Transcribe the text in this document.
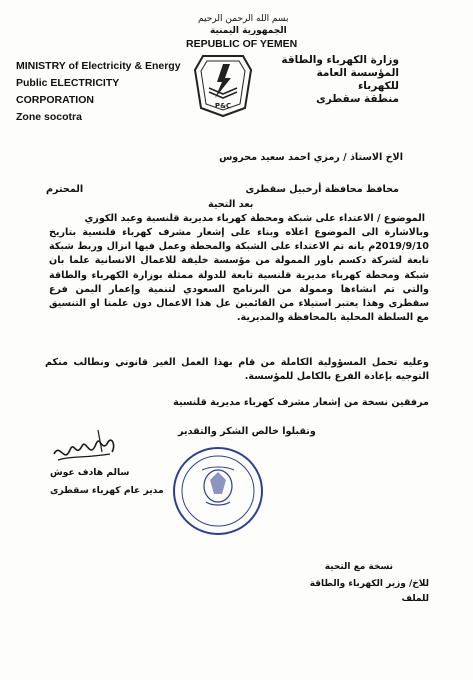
بسم الله الرحمن الرحيم
الجمهورية اليمنية
REPUBLIC OF YEMEN
MINISTRY of Electricity & Energy
Public ELECTRICITY CORPORATION
Zone socotra
وزارة الكهرباء والطاقة
المؤسسة العامة للكهرباء
منطقة سقطرى
P&C
الاخ الاستاذ / رمزي احمد سعيد محروس
محافظ محافظة أرخبيل سقطرى
المحترم
بعد التحية
الموضوع / الاعتداء على شبكة ومحطة كهرباء مديرية قلنسية وعبد الكوري
وبالاشارة الى الموضوع اعلاه وبناء على إشعار مشرف كهرباء قلنسية بتاريخ 2019/9/10م بانه تم الاعتداء على الشبكة والمحطة وعمل فيها انزال وربط شبكة تابعة لشركة دكسم باور الممولة من مؤسسة خليفة للاعمال الانسانية علما بان شبكة ومحطة كهرباء مديرية قلنسية تابعة للدولة ممثلة بوزارة الكهرباء والطاقة والتي تم انشاءها وممولة من البرنامج السعودي لتنمية وإعمار اليمن فرع سقطرى وهذا يعتبر استيلاء من القائمين عل هذا الاعمال دون علمنا او التنسيق مع السلطة المحلية بالمحافظة والمديرية.
وعليه تحمل المسؤولية الكاملة من قام بهذا العمل الغير قانوني ونطالب منكم التوجيه بإعادة الفرع بالكامل للمؤسسة.
مرفقين نسخة من إشعار مشرف كهرباء مديرية قلنسية
وتقبلوا خالص الشكر والتقدير
سالم هادف عوش
مدير عام كهرباء سقطرى
نسخة مع التحية
للاخ/ وزير الكهرباء والطاقة
للملف
